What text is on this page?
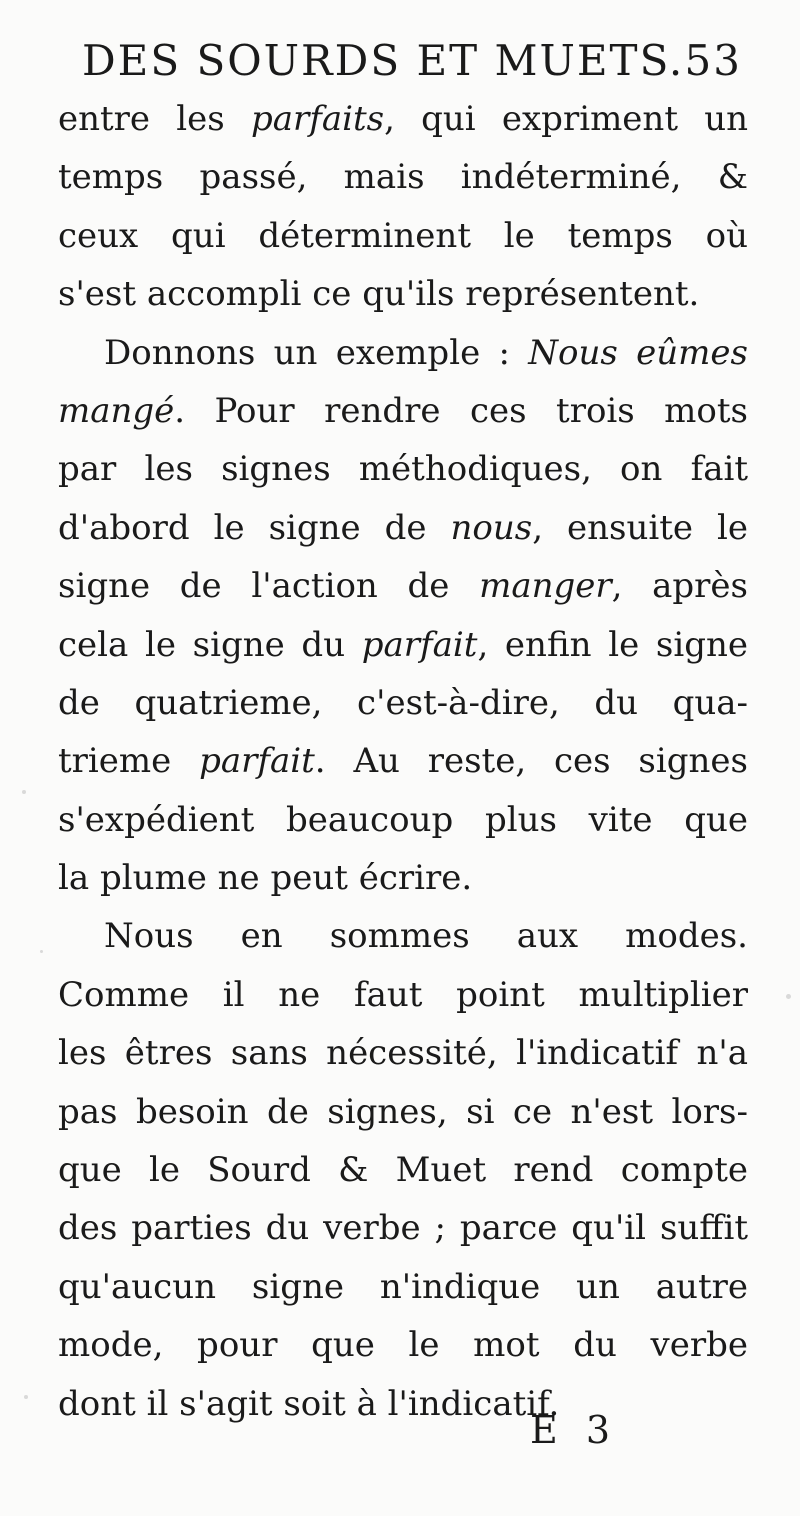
DES SOURDS ET MUETS. 53
entre les parfaits, qui expriment un
temps passé, mais indéterminé, &
ceux qui déterminent le temps où
s'est accompli ce qu'ils représentent.
Donnons un exemple : Nous eûmes
mangé. Pour rendre ces trois mots
par les signes méthodiques, on fait
d'abord le signe de nous, ensuite le
signe de l'action de manger, après
cela le signe du parfait, enfin le signe
de quatrieme, c'est-à-dire, du qua-
trieme parfait. Au reste, ces signes
s'expédient beaucoup plus vite que
la plume ne peut écrire.
Nous en sommes aux modes.
Comme il ne faut point multiplier
les êtres sans nécessité, l'indicatif n'a
pas besoin de signes, si ce n'est lors-
que le Sourd & Muet rend compte
des parties du verbe ; parce qu'il suffit
qu'aucun signe n'indique un autre
mode, pour que le mot du verbe
dont il s'agit soit à l'indicatif.
E 3
